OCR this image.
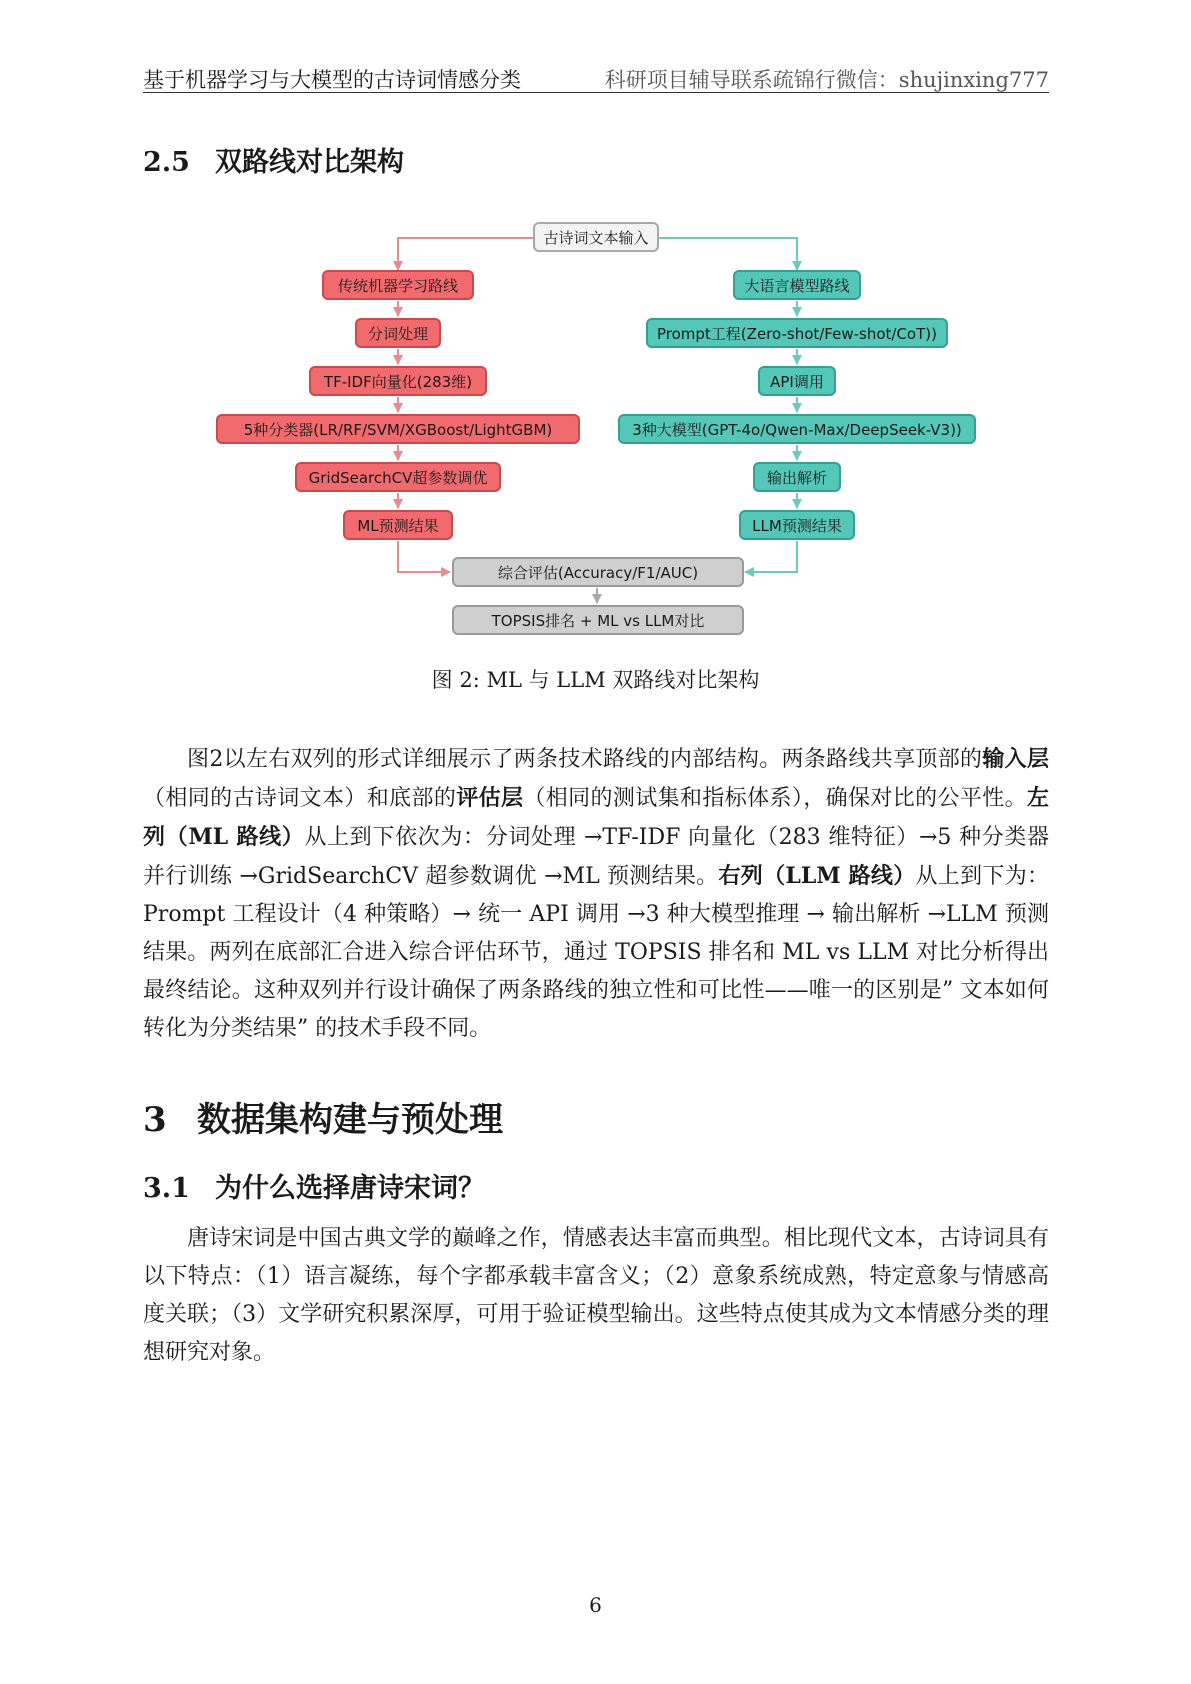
基于机器学习与大模型的古诗词情感分类	科研项目辅导联系疏锦行微信：shujinxing777
2.5 双路线对比架构
古诗词文本输入
传统机器学习路线
分词处理
TF-IDF向量化(283维)
5种分类器(LR/RF/SVM/XGBoost/LightGBM)
GridSearchCV超参数调优
ML预测结果
大语言模型路线
Prompt工程(Zero-shot/Few-shot/CoT))
API调用
3种大模型(GPT-4o/Qwen-Max/DeepSeek-V3))
输出解析
LLM预测结果
综合评估(Accuracy/F1/AUC)
TOPSIS排名 + ML vs LLM对比
图 2: ML 与 LLM 双路线对比架构

图2以左右双列的形式详细展示了两条技术路线的内部结构。两条路线共享顶部的输入层（相同的古诗词文本）和底部的评估层（相同的测试集和指标体系），确保对比的公平性。左列（ML 路线）从上到下依次为：分词处理 →TF-IDF 向量化（283 维特征）→5 种分类器并行训练 →GridSearchCV 超参数调优 →ML 预测结果。右列（LLM 路线）从上到下为：Prompt 工程设计（4 种策略）→ 统一 API 调用 →3 种大模型推理 → 输出解析 →LLM 预测结果。两列在底部汇合进入综合评估环节，通过 TOPSIS 排名和 ML vs LLM 对比分析得出最终结论。这种双列并行设计确保了两条路线的独立性和可比性——唯一的区别是” 文本如何转化为分类结果” 的技术手段不同。

3 数据集构建与预处理
3.1 为什么选择唐诗宋词？

唐诗宋词是中国古典文学的巅峰之作，情感表达丰富而典型。相比现代文本，古诗词具有以下特点：（1）语言凝练，每个字都承载丰富含义；（2）意象系统成熟，特定意象与情感高度关联；（3）文学研究积累深厚，可用于验证模型输出。这些特点使其成为文本情感分类的理想研究对象。

6
